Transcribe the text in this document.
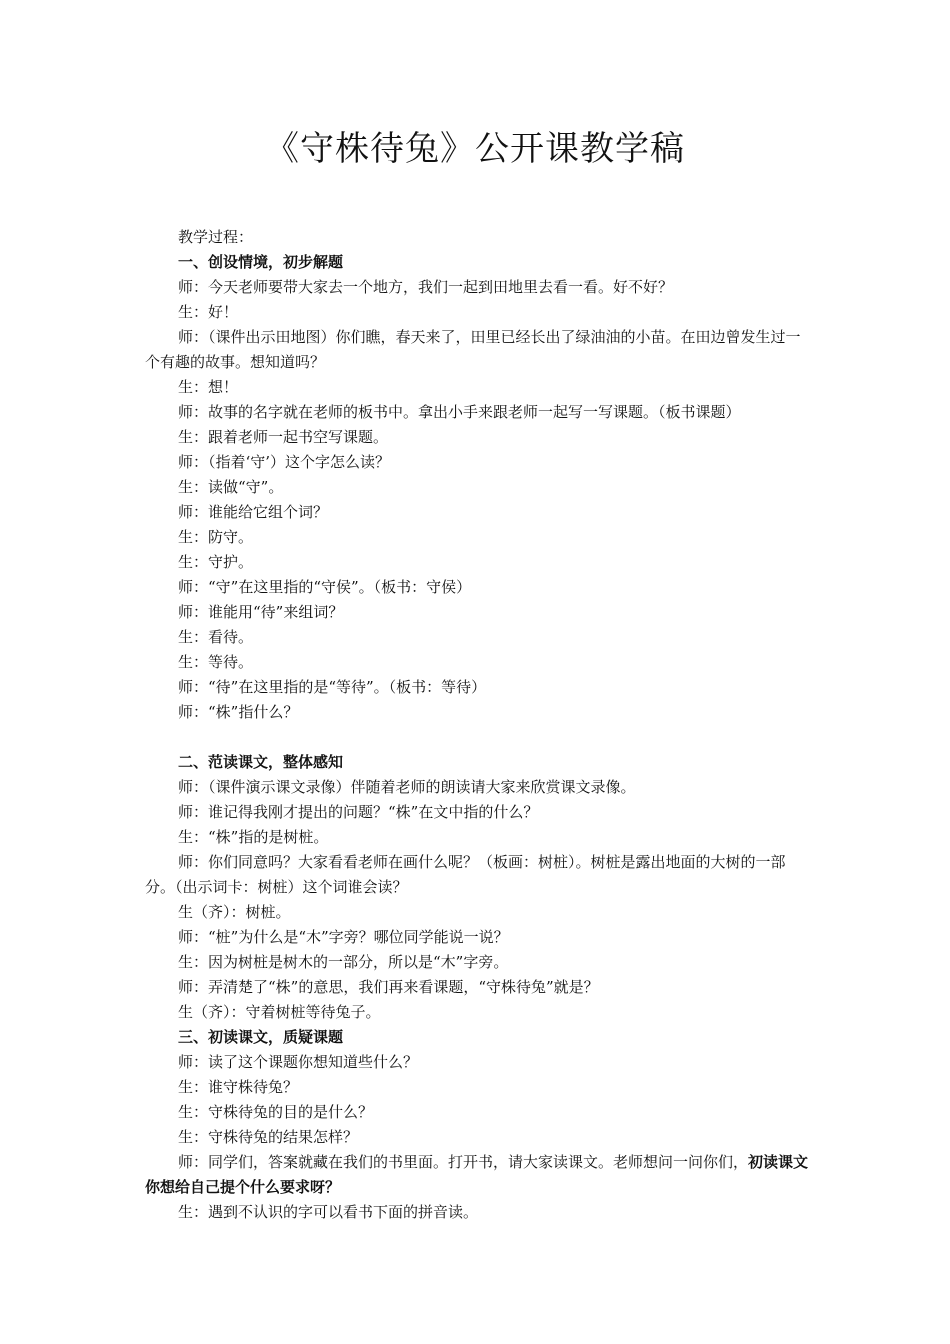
《守株待兔》公开课教学稿

教学过程：

一、创设情境，初步解题

师：今天老师要带大家去一个地方，我们一起到田地里去看一看。好不好？

生：好！

师：（课件出示田地图）你们瞧，春天来了，田里已经长出了绿油油的小苗。在田边曾发生过一个有趣的故事。想知道吗？

生：想！

师：故事的名字就在老师的板书中。拿出小手来跟老师一起写一写课题。（板书课题）

生：跟着老师一起书空写课题。

师：（指着‘守’）这个字怎么读？

生：读做“守”。

师：谁能给它组个词？

生：防守。

生：守护。

师：“守”在这里指的“守侯”。（板书：守侯）

师：谁能用“待”来组词？

生：看待。

生：等待。

师：“待”在这里指的是“等待”。（板书：等待）

师：“株”指什么？

二、范读课文，整体感知

师：（课件演示课文录像）伴随着老师的朗读请大家来欣赏课文录像。

师：谁记得我刚才提出的问题？“株”在文中指的什么？

生：“株”指的是树桩。

师：你们同意吗？大家看看老师在画什么呢？（板画：树桩）。树桩是露出地面的大树的一部分。（出示词卡：树桩）这个词谁会读？

生（齐）：树桩。

师：“桩”为什么是“木”字旁？哪位同学能说一说？

生：因为树桩是树木的一部分，所以是“木”字旁。

师：弄清楚了“株”的意思，我们再来看课题，“守株待兔”就是？

生（齐）：守着树桩等待兔子。

三、初读课文，质疑课题

师：读了这个课题你想知道些什么？

生：谁守株待兔？

生：守株待兔的目的是什么？

生：守株待兔的结果怎样？

师：同学们，答案就藏在我们的书里面。打开书，请大家读课文。老师想问一问你们，初读课文你想给自己提个什么要求呀？

生：遇到不认识的字可以看书下面的拼音读。
